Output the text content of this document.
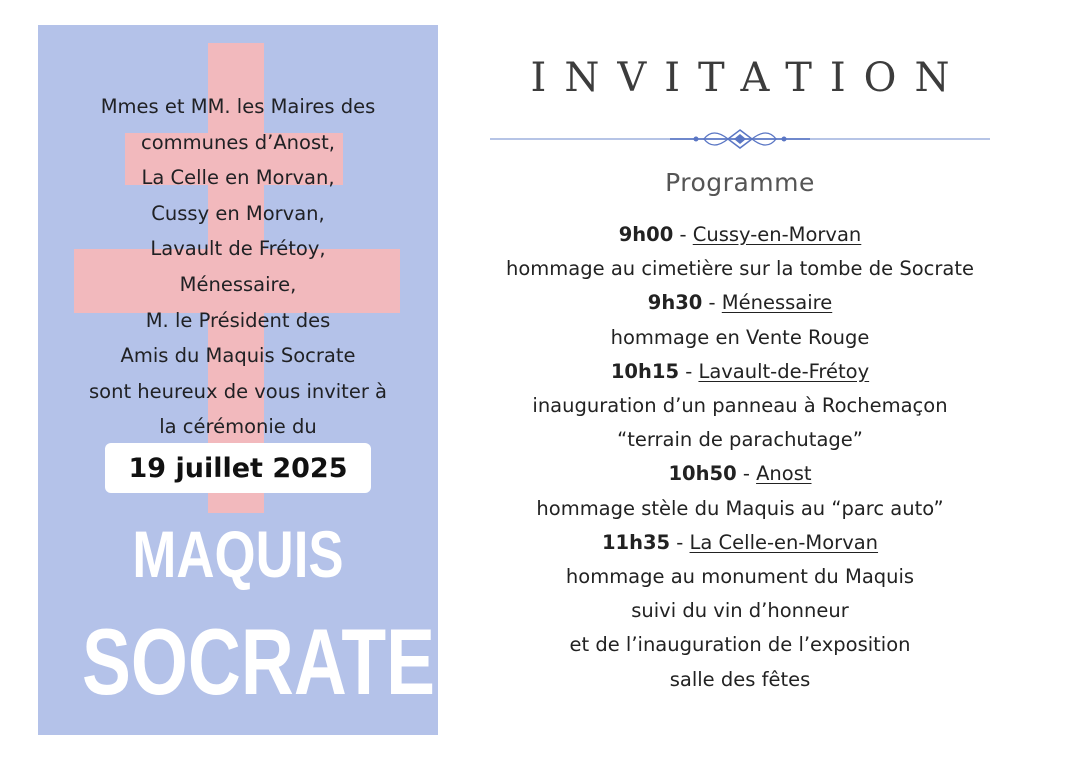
Mmes et MM. les Maires des
communes d’Anost,
La Celle en Morvan,
Cussy en Morvan,
Lavault de Frétoy,
Ménessaire,
M. le Président des
Amis du Maquis Socrate
sont heureux de vous inviter à
la cérémonie du
19 juillet 2025
MAQUIS
SOCRATE
INVITATION
Programme
9h00 - Cussy-en-Morvan
hommage au cimetière sur la tombe de Socrate
9h30 - Ménessaire
hommage en Vente Rouge
10h15 - Lavault-de-Frétoy
inauguration d’un panneau à Rochemaçon
“terrain de parachutage”
10h50 - Anost
hommage stèle du Maquis au “parc auto”
11h35 - La Celle-en-Morvan
hommage au monument du Maquis
suivi du vin d’honneur
et de l’inauguration de l’exposition
salle des fêtes
